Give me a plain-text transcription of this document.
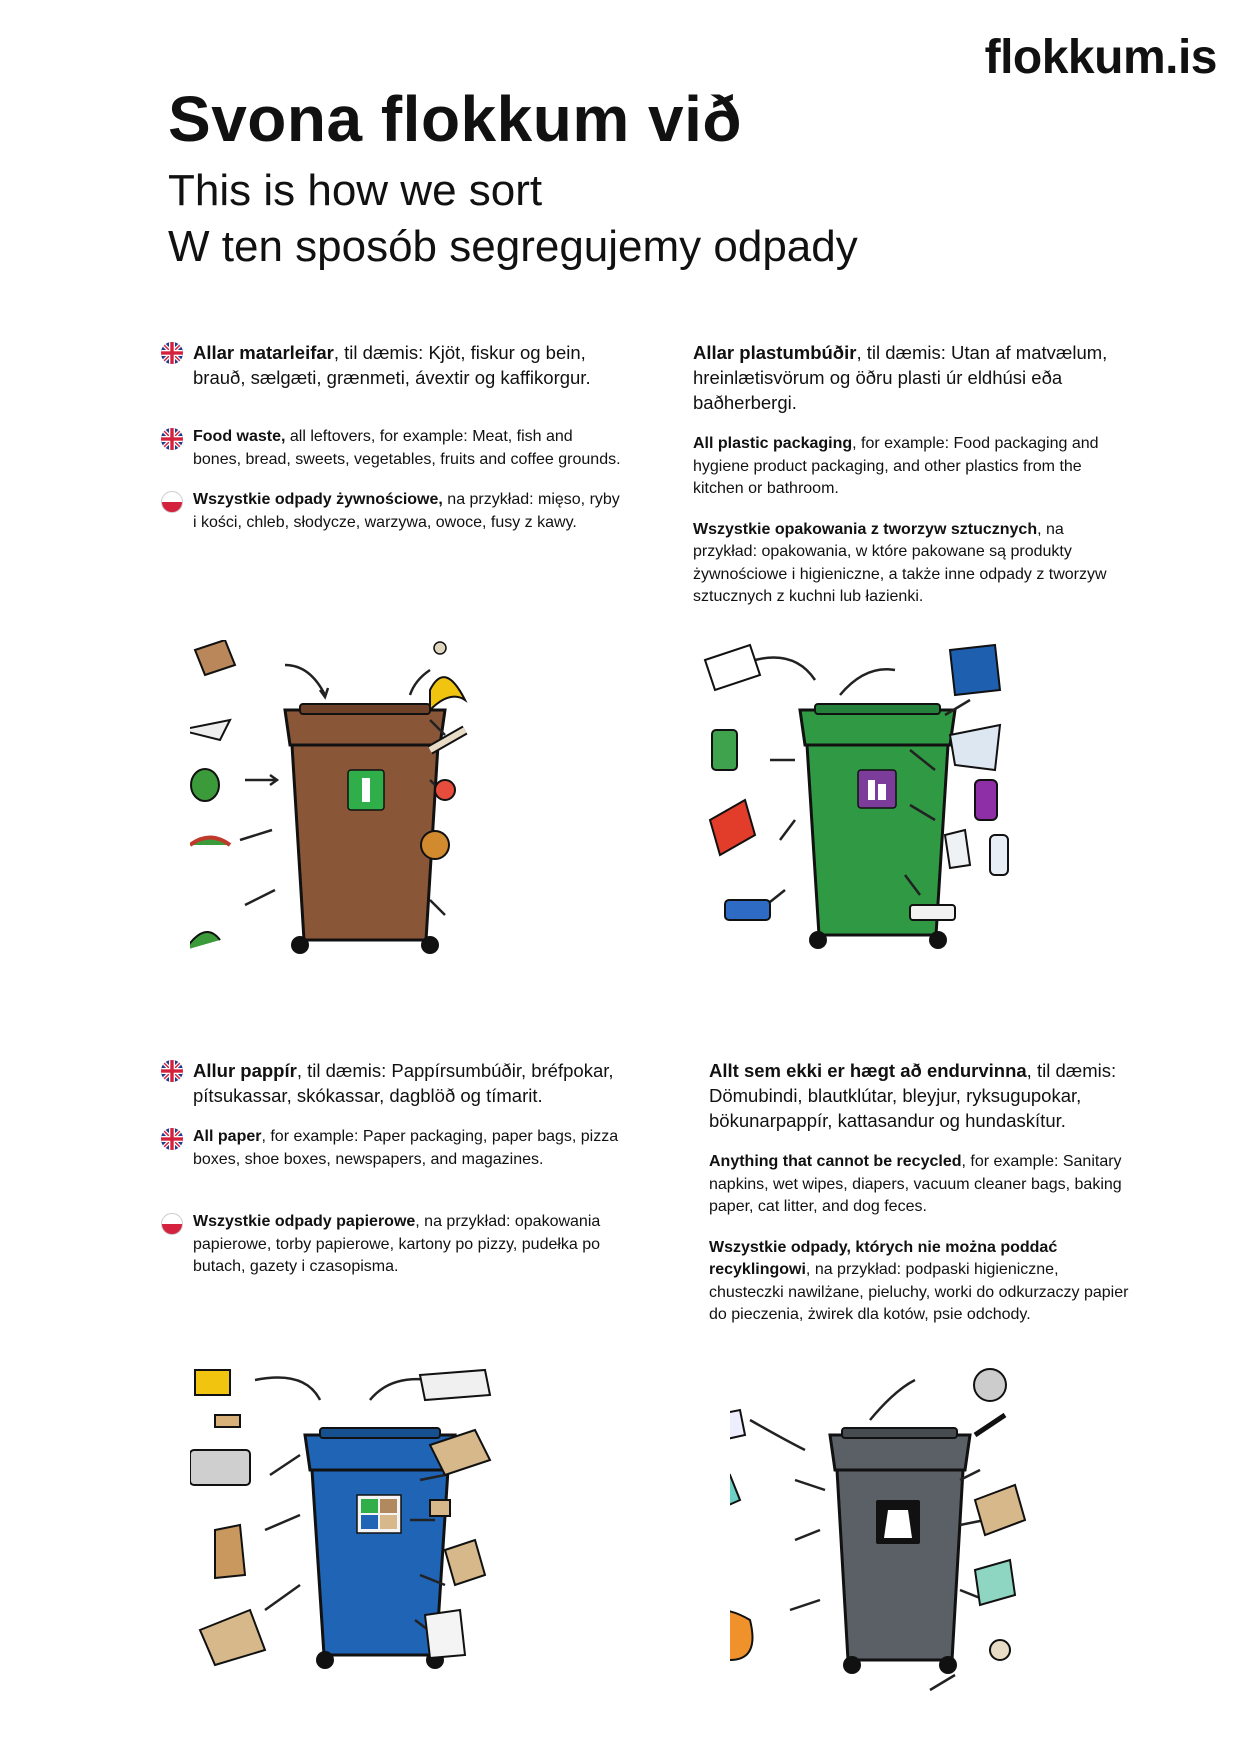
flokkum.is
Svona flokkum við
This is how we sort
W ten sposób segregujemy odpady
Allar matarleifar, til dæmis: Kjöt, fiskur og bein, brauð, sælgæti, grænmeti, ávextir og kaffikorgur.
Food waste, all leftovers, for example: Meat, fish and bones, bread, sweets, vegetables, fruits and coffee grounds.
Wszystkie odpady żywnościowe, na przykład: mięso, ryby i kości, chleb, słodycze, warzywa, owoce, fusy z kawy.
Allar plastumbúðir, til dæmis: Utan af matvælum, hreinlætisvörum og öðru plasti úr eldhúsi eða baðherbergi.
All plastic packaging, for example: Food packaging and hygiene product packaging, and other plastics from the kitchen or bathroom.
Wszystkie opakowania z tworzyw sztucznych, na przykład: opakowania, w które pakowane są produkty żywnościowe i higieniczne, a także inne odpady z tworzyw sztucznych z kuchni lub łazienki.
Allur pappír, til dæmis: Pappírsumbúðir, bréfpokar, pítsukassar, skókassar, dagblöð og tímarit.
All paper, for example: Paper packaging, paper bags, pizza boxes, shoe boxes, newspapers, and magazines.
Wszystkie odpady papierowe, na przykład: opakowania papierowe, torby papierowe, kartony po pizzy, pudełka po butach, gazety i czasopisma.
Allt sem ekki er hægt að endurvinna, til dæmis: Dömubindi, blautklútar, bleyjur, ryksugupokar, bökunarpappír, kattasandur og hundaskítur.
Anything that cannot be recycled, for example: Sanitary napkins, wet wipes, diapers, vacuum cleaner bags, baking paper, cat litter, and dog feces.
Wszystkie odpady, których nie można poddać recyklingowi, na przykład: podpaski higieniczne, chusteczki nawilżane, pieluchy, worki do odkurzaczy papier do pieczenia, żwirek dla kotów, psie odchody.
